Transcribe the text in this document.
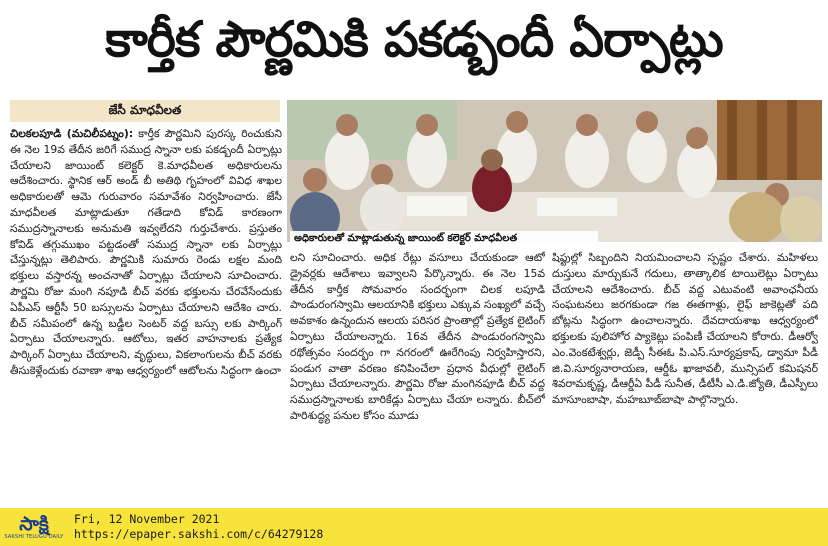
కార్తీక పౌర్ణమికి పకడ్బందీ ఏర్పాట్లు
జేసీ మాధవీలత

చిలకలపూడి (మచిలీపట్నం): కార్తీక పౌర్ణమిని పురస్క రించుకుని ఈ నెల 19వ తేదీన జరిగే సముద్ర స్నానా లకు పకడ్బందీ ఏర్పాట్లు చేయాలని జాయింట్ కలెక్టర్ కె.మాధవీలత అధికారులను ఆదేశించారు. స్థానిక ఆర్ అండ్ బీ అతిథి గృహంలో వివిధ శాఖల అధికారులతో ఆమె గురువారం సమావేశం నిర్వహించారు. జేసీ మాధవీలత మాట్లాడుతూ గతేడాది కోవిడ్ కారణంగా సముద్రస్నానాలకు అనుమతి ఇవ్వలేదని గుర్తుచేశారు. ప్రస్తుతం కోవిడ్ తగ్గుముఖం పట్టడంతో సముద్ర స్నానా లకు ఏర్పాట్లు చేస్తున్నట్లు తెలిపారు. పౌర్ణమికి సుమారు రెండు లక్షల మంది భక్తులు వస్తారన్న అంచనాతో ఏర్పాట్లు చేయాలని సూచించారు. పౌర్ణమి రోజు మంగి నపూడి బీచ్ వరకు భక్తులను చేరవేసేందుకు ఏపీఎస్ ఆర్టీసీ 50 బస్సులను ఏర్పాటు చేయాలని ఆదేశిం చారు. బీచ్ సమీపంలో ఉన్న బడ్డీల సెంటర్ వద్ద బస్సు లకు పార్కింగ్ ఏర్పాటు చేయాలన్నారు. ఆటోలు, ఇతర వాహనాలకు ప్రత్యేక పార్కింగ్ ఏర్పాటు చేయాలని, వృద్ధులు, వికలాంగులను బీచ్ వరకు తీసుకెళ్లేందుకు రవాణా శాఖ ఆధ్వర్యంలో ఆటోలను సిద్ధంగా ఉంచా

అధికారులతో మాట్లాడుతున్న జాయింట్ కలెక్టర్ మాధవీలత

లని సూచించారు. అధిక రేట్లు వసూలు చేయకుండా ఆటో డ్రైవర్లకు ఆదేశాలు ఇవ్వాలని పేర్కొన్నారు. ఈ నెల 15వ తేదీన కార్తీక సోమవారం సందర్భంగా చిలక లపూడి పాండురంగస్వామి ఆలయానికి భక్తులు ఎక్కువ సంఖ్యలో వచ్చే అవకాశం ఉన్నందున ఆలయ పరిసర ప్రాంతాల్లో ప్రత్యేక లైటింగ్ ఏర్పాటు చేయాలన్నారు. 16వ తేదీన పాండురంగస్వామి రథోత్సవం సందర్భం గా నగరంలో ఊరేగింపు నిర్వహిస్తారని, పండుగ వాతా వరణం కనిపించేలా ప్రధాన వీధుల్లో లైటింగ్ ఏర్పాటు చేయాలన్నారు. పౌర్ణమి రోజు మంగినపూడి బీచ్ వద్ద సముద్రస్నానాలకు బారికేడ్లు ఏర్పాటు చేయా లన్నారు. బీచ్‌లో పారిశుద్ధ్య పనుల కోసం మూడు

షిఫ్టుల్లో సిబ్బందిని నియమించాలని స్పష్టం చేశారు. మహిళలు దుస్తులు మార్చుకునే గదులు, తాత్కాలిక టాయిలెట్లు ఏర్పాటు చేయాలని ఆదేశించారు. బీచ్ వద్ద ఎటువంటి అవాంఛనీయ సంఘటనలు జరగకుండా గజ ఈతగాళ్లు, లైఫ్ జాకెట్లతో పది బోట్లను సిద్ధంగా ఉంచాలన్నారు. దేవదాయశాఖ ఆధ్వర్యంలో భక్తులకు పులిహోర ప్యాకెట్లు పంపిణీ చేయాలని కోరారు. డీఆర్వో ఎం.వెంకటేశ్వర్లు, జెడ్పీ సీఈఓ పి.ఎస్.సూర్యప్రకాష్, డ్వామా పీడీ జి.వి.సూర్యనారాయణ, ఆర్డీఓ ఖాజావలీ, మున్సిపల్ కమిషనర్ శివరామకృష్ణ, డీఆర్డీఏ పీడీ సునీత, డీటీసీ ఎ.డి.జ్యోతి, డీఎస్పీలు మాసూంబాషా, మహబూబ్‌బాషా పాల్గొన్నారు.

సాక్షి
SAKSHI TELUGU DAILY
Fri, 12 November 2021
https://epaper.sakshi.com/c/64279128
